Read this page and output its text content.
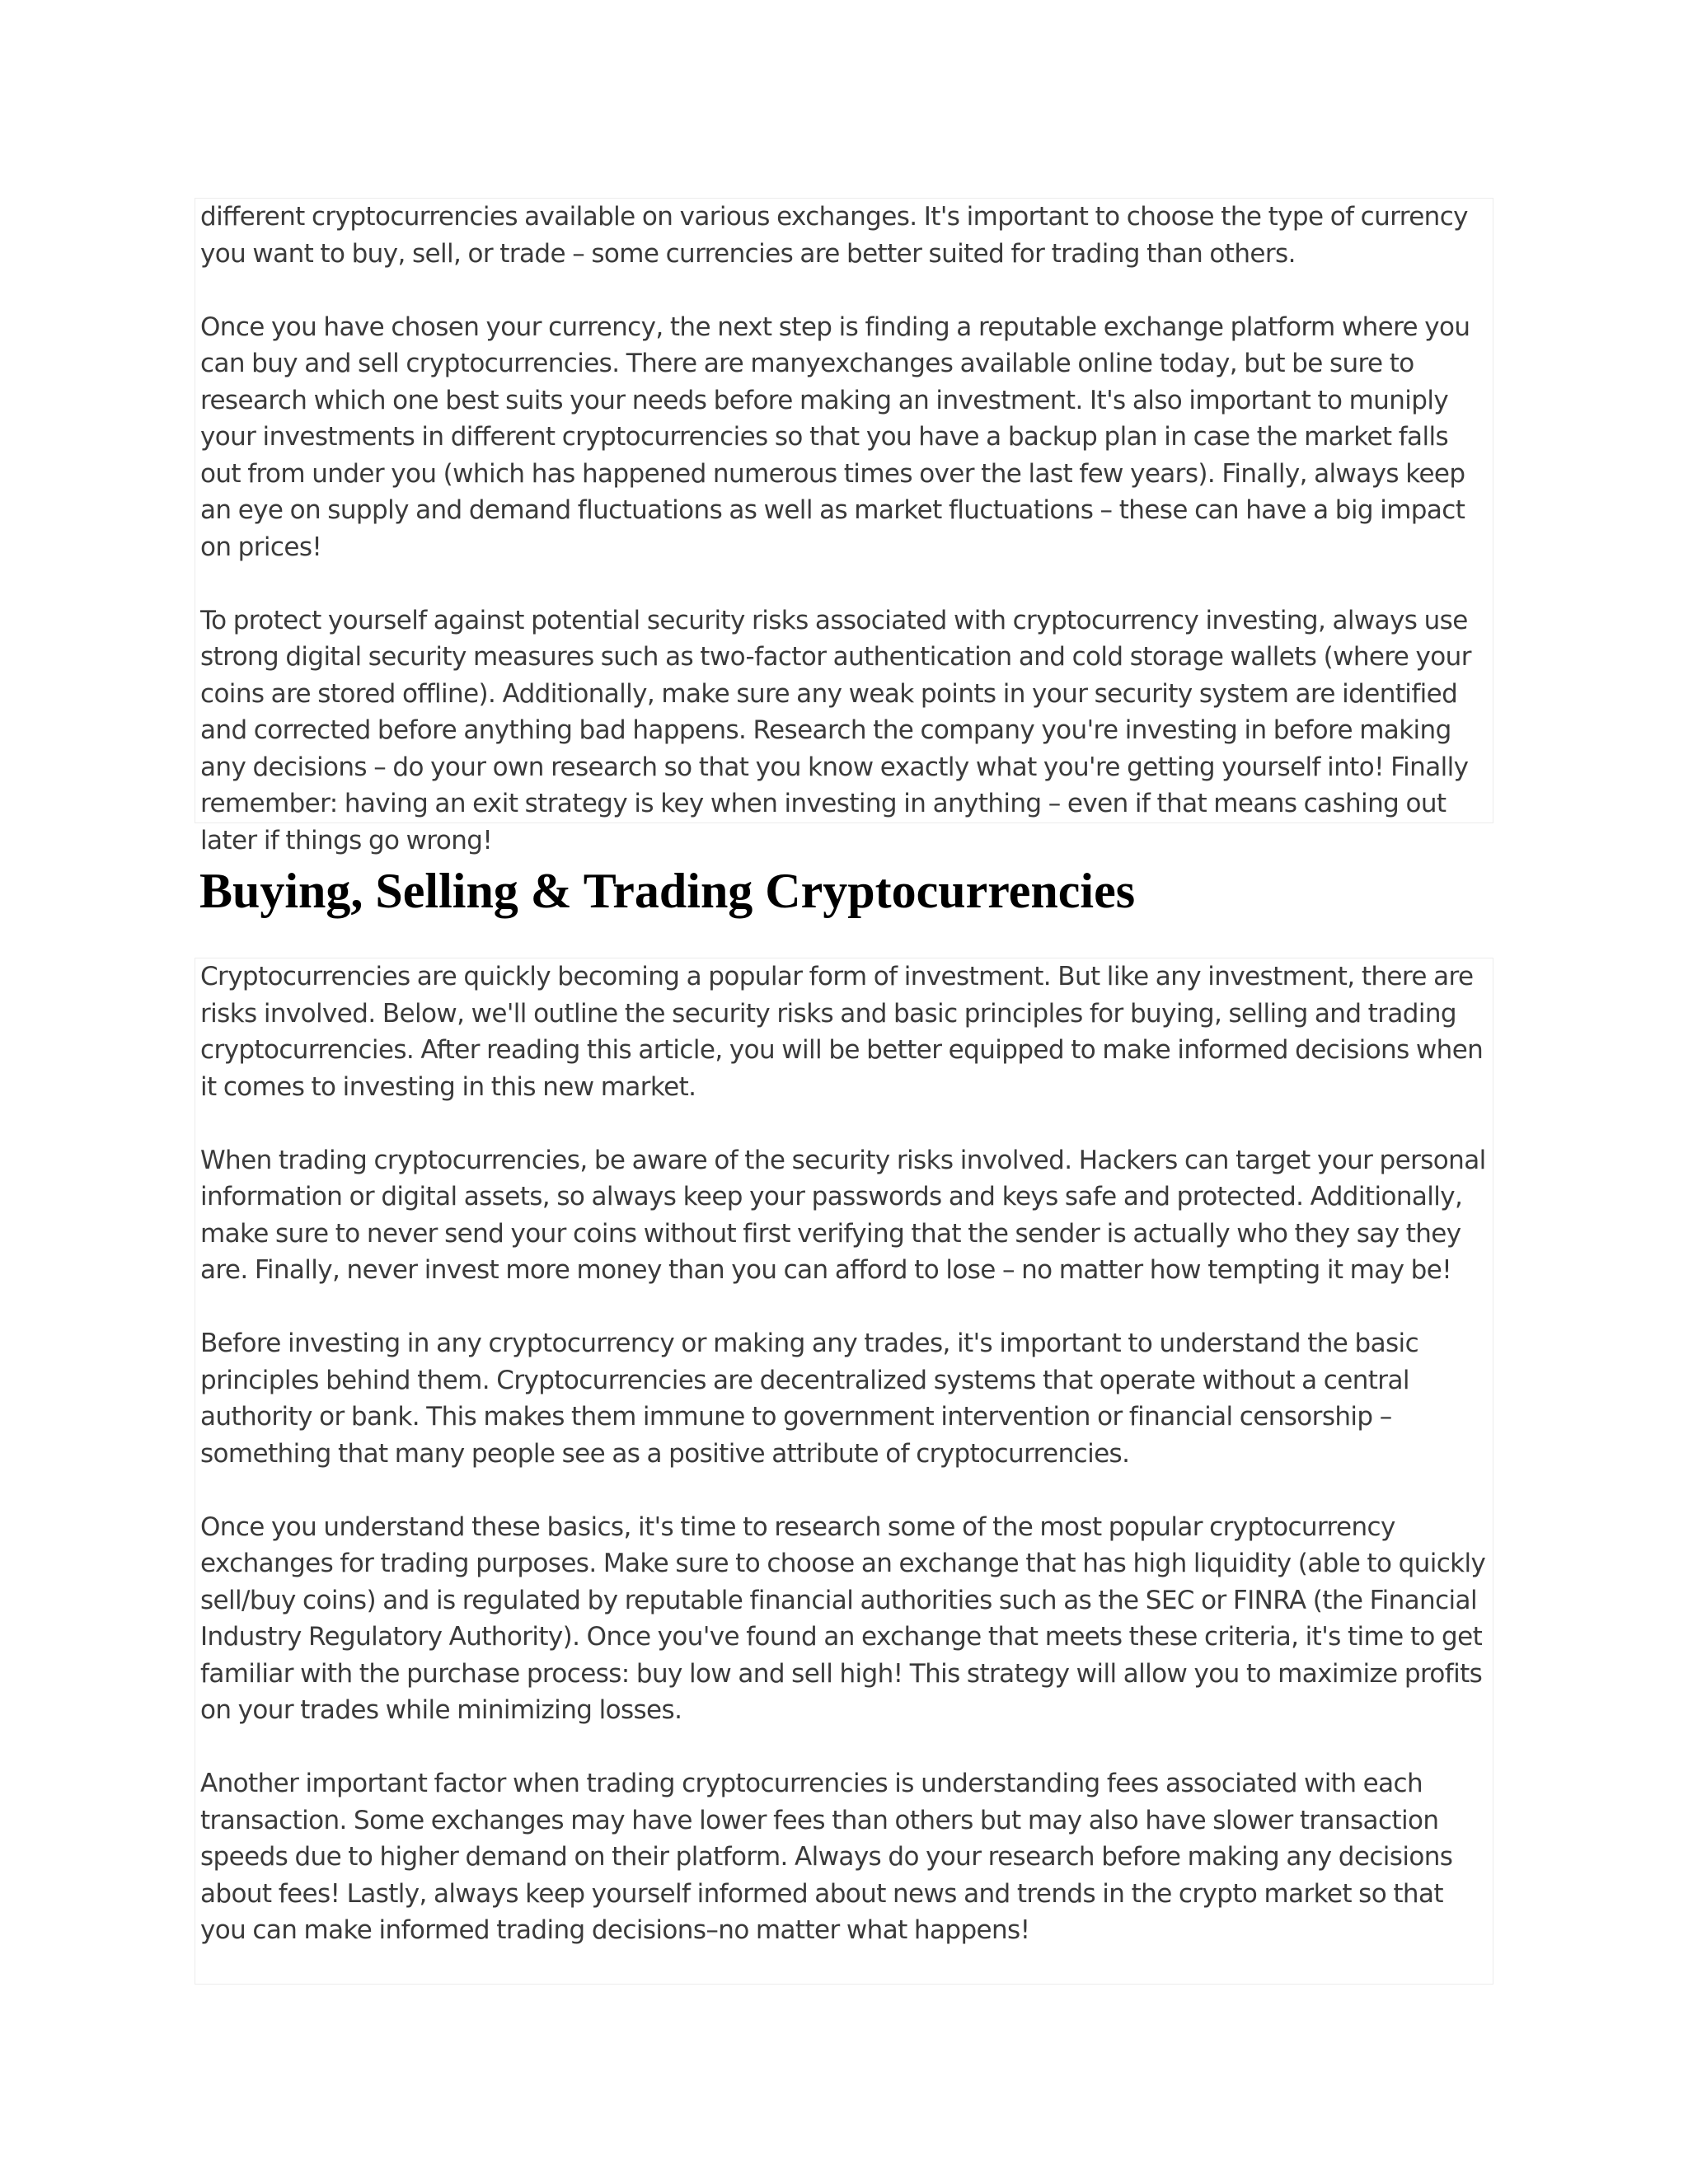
different cryptocurrencies available on various exchanges. It's important to choose the type of currency you want to buy, sell, or trade – some currencies are better suited for trading than others.

Once you have chosen your currency, the next step is finding a reputable exchange platform where you can buy and sell cryptocurrencies. There are manyexchanges available online today, but be sure to research which one best suits your needs before making an investment. It's also important to muniply your investments in different cryptocurrencies so that you have a backup plan in case the market falls out from under you (which has happened numerous times over the last few years). Finally, always keep an eye on supply and demand fluctuations as well as market fluctuations – these can have a big impact on prices!

To protect yourself against potential security risks associated with cryptocurrency investing, always use strong digital security measures such as two-factor authentication and cold storage wallets (where your coins are stored offline). Additionally, make sure any weak points in your security system are identified and corrected before anything bad happens. Research the company you're investing in before making any decisions – do your own research so that you know exactly what you're getting yourself into! Finally remember: having an exit strategy is key when investing in anything – even if that means cashing out later if things go wrong!

Buying, Selling & Trading Cryptocurrencies

Cryptocurrencies are quickly becoming a popular form of investment. But like any investment, there are risks involved. Below, we'll outline the security risks and basic principles for buying, selling and trading cryptocurrencies. After reading this article, you will be better equipped to make informed decisions when it comes to investing in this new market.

When trading cryptocurrencies, be aware of the security risks involved. Hackers can target your personal information or digital assets, so always keep your passwords and keys safe and protected. Additionally, make sure to never send your coins without first verifying that the sender is actually who they say they are. Finally, never invest more money than you can afford to lose – no matter how tempting it may be!

Before investing in any cryptocurrency or making any trades, it's important to understand the basic principles behind them. Cryptocurrencies are decentralized systems that operate without a central authority or bank. This makes them immune to government intervention or financial censorship – something that many people see as a positive attribute of cryptocurrencies.

Once you understand these basics, it's time to research some of the most popular cryptocurrency exchanges for trading purposes. Make sure to choose an exchange that has high liquidity (able to quickly sell/buy coins) and is regulated by reputable financial authorities such as the SEC or FINRA (the Financial Industry Regulatory Authority). Once you've found an exchange that meets these criteria, it's time to get familiar with the purchase process: buy low and sell high! This strategy will allow you to maximize profits on your trades while minimizing losses.

Another important factor when trading cryptocurrencies is understanding fees associated with each transaction. Some exchanges may have lower fees than others but may also have slower transaction speeds due to higher demand on their platform. Always do your research before making any decisions about fees! Lastly, always keep yourself informed about news and trends in the crypto market so that you can make informed trading decisions–no matter what happens!
